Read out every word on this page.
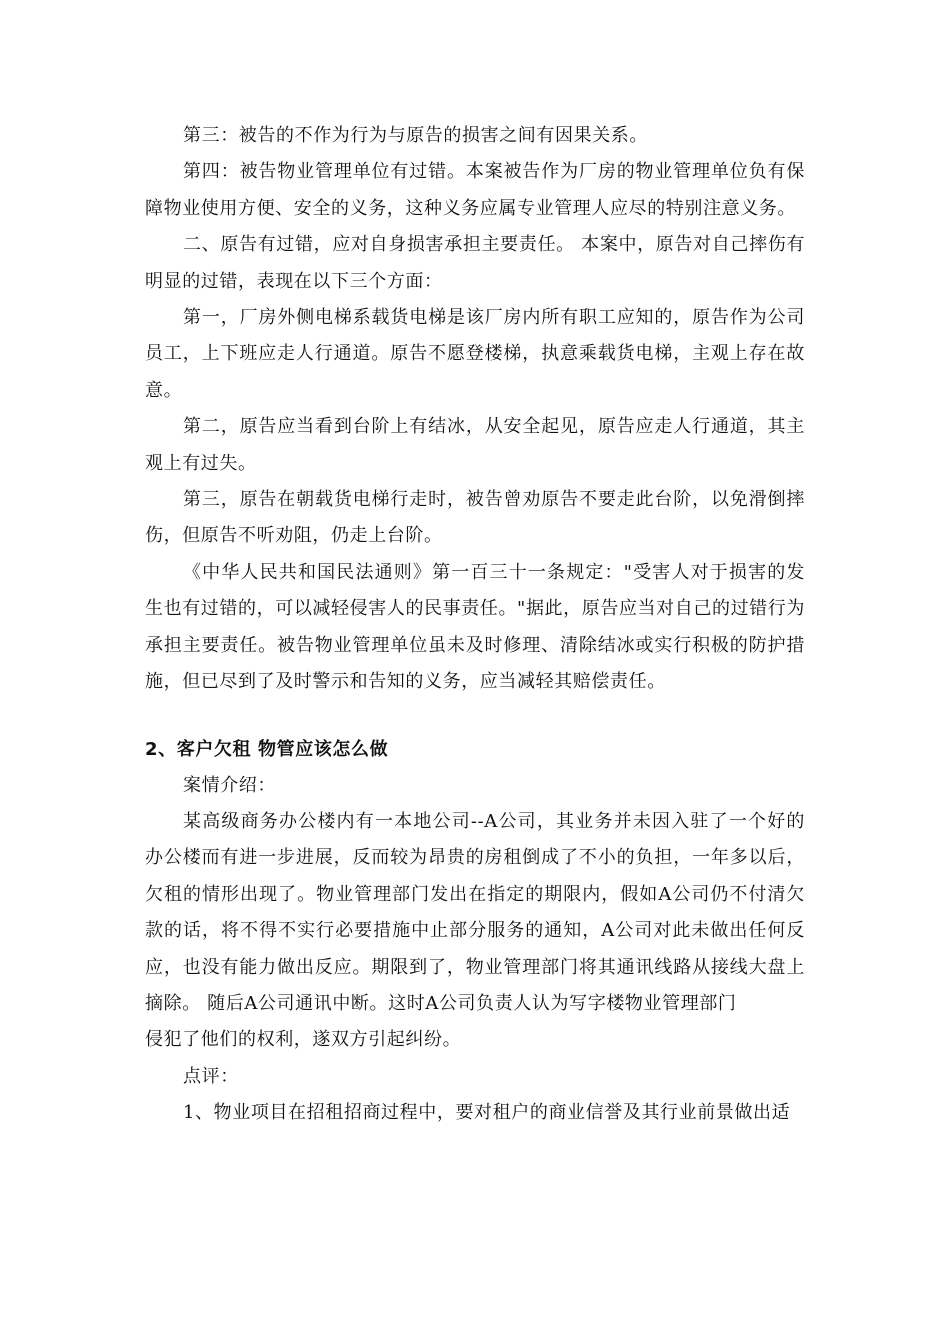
第三：被告的不作为行为与原告的损害之间有因果关系。

第四：被告物业管理单位有过错。本案被告作为厂房的物业管理单位负有保障物业使用方便、安全的义务，这种义务应属专业管理人应尽的特别注意义务。

二、原告有过错，应对自身损害承担主要责任。 本案中，原告对自己摔伤有明显的过错，表现在以下三个方面：

第一，厂房外侧电梯系载货电梯是该厂房内所有职工应知的，原告作为公司员工，上下班应走人行通道。原告不愿登楼梯，执意乘载货电梯，主观上存在故意。

第二，原告应当看到台阶上有结冰，从安全起见，原告应走人行通道，其主观上有过失。

第三，原告在朝载货电梯行走时，被告曾劝原告不要走此台阶，以免滑倒摔伤，但原告不听劝阻，仍走上台阶。

《中华人民共和国民法通则》第一百三十一条规定："受害人对于损害的发生也有过错的，可以减轻侵害人的民事责任。"据此，原告应当对自己的过错行为承担主要责任。被告物业管理单位虽未及时修理、清除结冰或实行积极的防护措施，但已尽到了及时警示和告知的义务，应当减轻其赔偿责任。

2、客户欠租 物管应该怎么做

案情介绍：

某高级商务办公楼内有一本地公司--A公司，其业务并未因入驻了一个好的办公楼而有进一步进展，反而较为昂贵的房租倒成了不小的负担，一年多以后，欠租的情形出现了。物业管理部门发出在指定的期限内，假如A公司仍不付清欠款的话，将不得不实行必要措施中止部分服务的通知，A公司对此未做出任何反应，也没有能力做出反应。期限到了，物业管理部门将其通讯线路从接线大盘上摘除。 随后A公司通讯中断。这时A公司负责人认为写字楼物业管理部门

侵犯了他们的权利，遂双方引起纠纷。

点评：

1、物业项目在招租招商过程中，要对租户的商业信誉及其行业前景做出适
